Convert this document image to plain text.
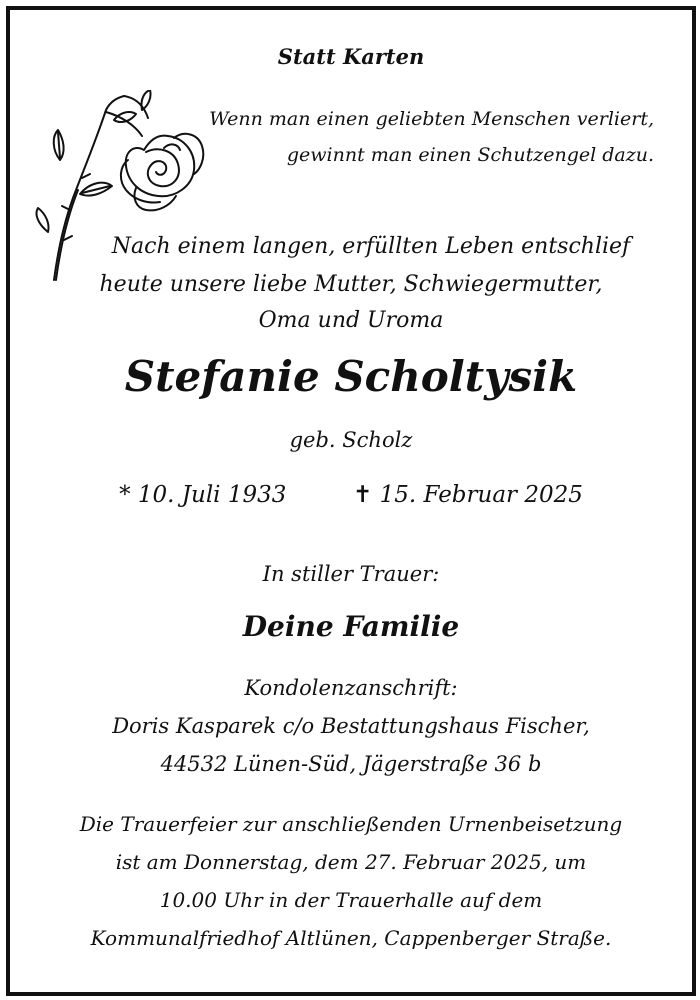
Statt Karten
Wenn man einen geliebten Menschen verliert,
gewinnt man einen Schutzengel dazu.
Nach einem langen, erfüllten Leben entschlief
heute unsere liebe Mutter, Schwiegermutter,
Oma und Uroma
Stefanie Scholtysik
geb. Scholz
* 10. Juli 1933	✝ 15. Februar 2025
In stiller Trauer:
Deine Familie
Kondolenzanschrift:
Doris Kasparek c/o Bestattungshaus Fischer,
44532 Lünen-Süd, Jägerstraße 36 b
Die Trauerfeier zur anschließenden Urnenbeisetzung
ist am Donnerstag, dem 27. Februar 2025, um
10.00 Uhr in der Trauerhalle auf dem
Kommunalfriedhof Altlünen, Cappenberger Straße.
